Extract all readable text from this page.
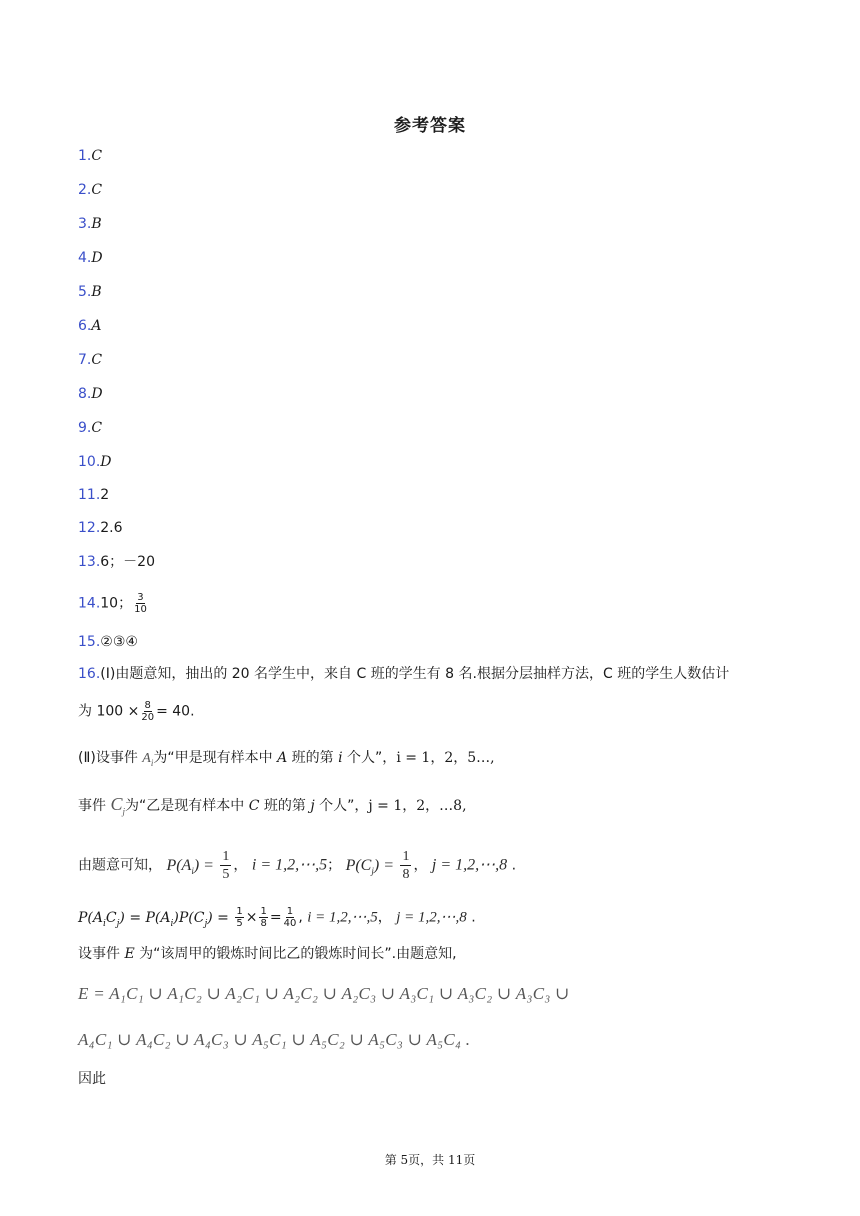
参考答案
1.C
2.C
3.B
4.D
5.B
6.A
7.C
8.D
9.C
10.D
11.2
12.2.6
13.6；－20
15.②③④
14.10； $\frac{3}{10}$
16.(Ⅰ)由题意知，抽出的 20 名学生中，来自 C 班的学生有 8 名.根据分层抽样方法，C 班的学生人数估计
为 $100 \times \frac{8}{20} = 40$.
(Ⅱ)设事件 $A_i$为“甲是现有样本中 A 班的第 i 个人”，i = 1，2，5…,
事件 $C_j$为“乙是现有样本中 C 班的第 j 个人”，j = 1，2，…8,
由题意可知， $P(A_i) = \frac{1}{5}$ ， i = 1,2,⋯,5； $P(C_j) = \frac{1}{8}$ ， j = 1,2,⋯,8 .
$P(A_iC_j) = P(A_i)P(C_j) = \frac{1}{5} \times \frac{1}{8} = \frac{1}{40}$ , i = 1,2,⋯,5， j = 1,2,⋯,8 .
设事件 E 为“该周甲的锻炼时间比乙的锻炼时间长”.由题意知,
E = A₁C₁ ∪ A₁C₂ ∪ A₂C₁ ∪ A₂C₂ ∪ A₂C₃ ∪ A₃C₁ ∪ A₃C₂ ∪ A₃C₃ ∪
A₄C₁ ∪ A₄C₂ ∪ A₄C₃ ∪ A₅C₁ ∪ A₅C₂ ∪ A₅C₃ ∪ A₅C₄ .
因此
第 5页，共 11页
